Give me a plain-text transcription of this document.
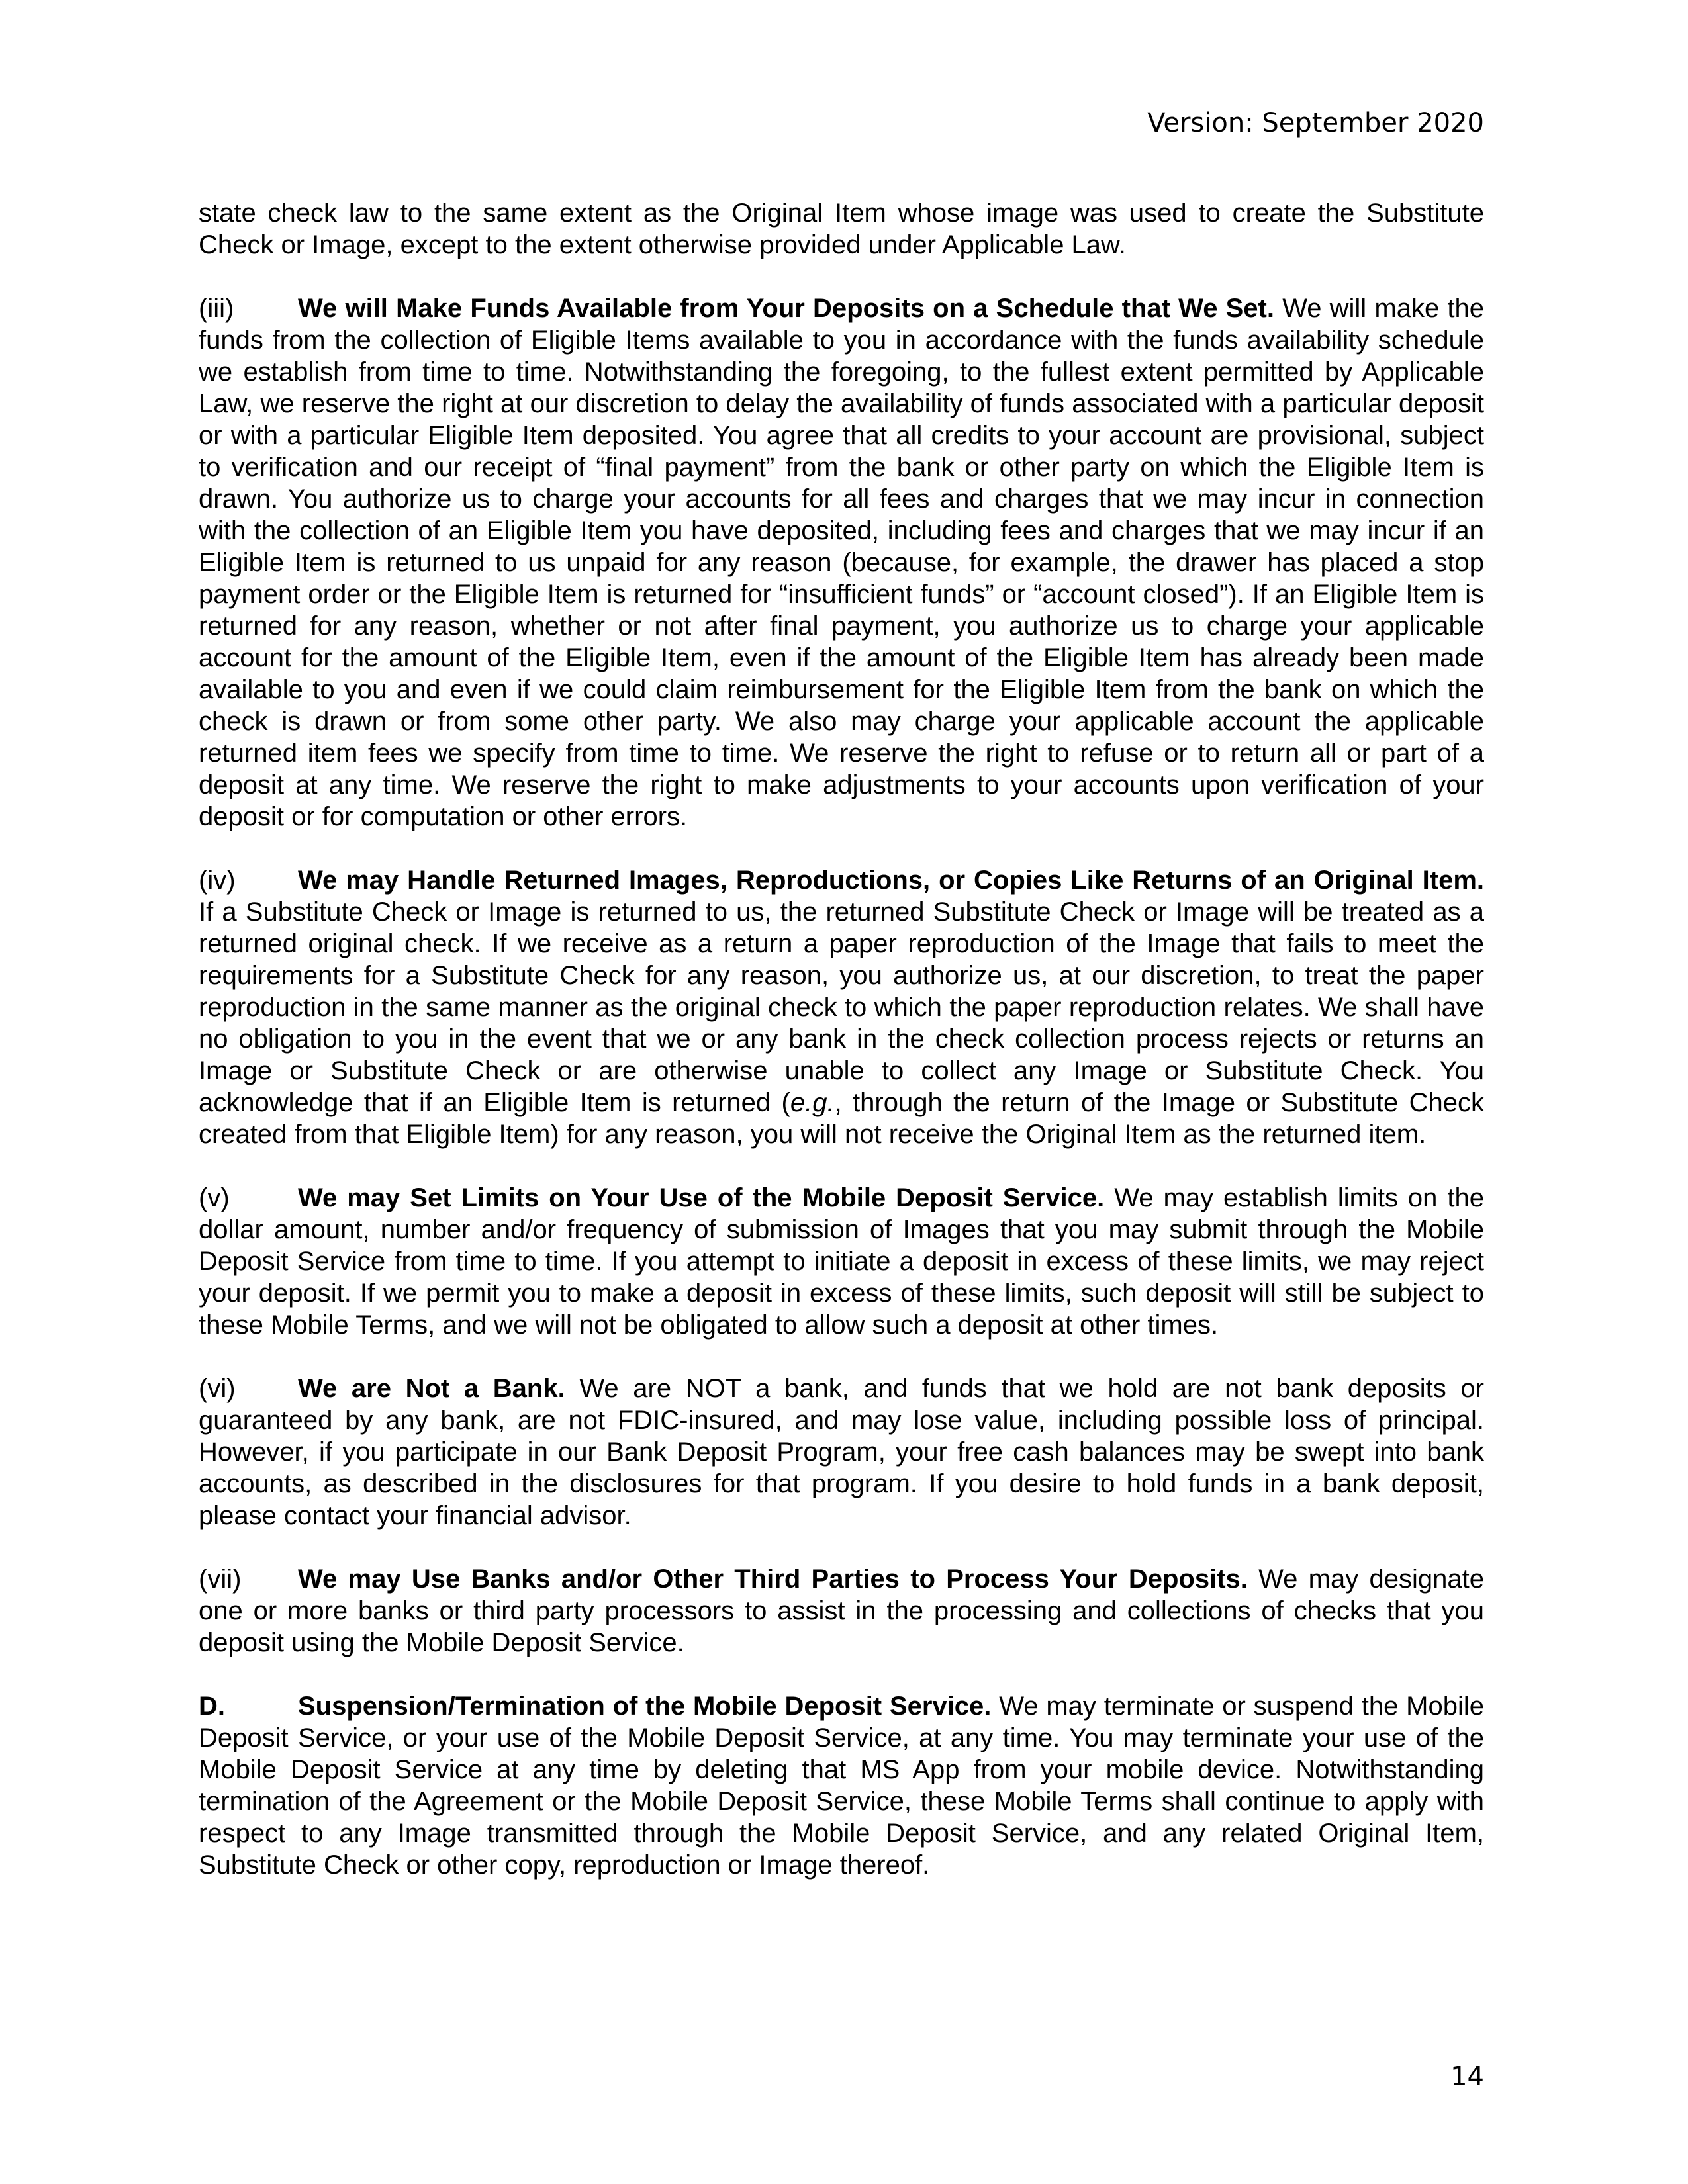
Version: September 2020

state check law to the same extent as the Original Item whose image was used to create the Substitute Check or Image, except to the extent otherwise provided under Applicable Law.

(iii) We will Make Funds Available from Your Deposits on a Schedule that We Set. We will make the funds from the collection of Eligible Items available to you in accordance with the funds availability schedule we establish from time to time. Notwithstanding the foregoing, to the fullest extent permitted by Applicable Law, we reserve the right at our discretion to delay the availability of funds associated with a particular deposit or with a particular Eligible Item deposited. You agree that all credits to your account are provisional, subject to verification and our receipt of “final payment” from the bank or other party on which the Eligible Item is drawn. You authorize us to charge your accounts for all fees and charges that we may incur in connection with the collection of an Eligible Item you have deposited, including fees and charges that we may incur if an Eligible Item is returned to us unpaid for any reason (because, for example, the drawer has placed a stop payment order or the Eligible Item is returned for “insufficient funds” or “account closed”). If an Eligible Item is returned for any reason, whether or not after final payment, you authorize us to charge your applicable account for the amount of the Eligible Item, even if the amount of the Eligible Item has already been made available to you and even if we could claim reimbursement for the Eligible Item from the bank on which the check is drawn or from some other party. We also may charge your applicable account the applicable returned item fees we specify from time to time. We reserve the right to refuse or to return all or part of a deposit at any time. We reserve the right to make adjustments to your accounts upon verification of your deposit or for computation or other errors.

(iv) We may Handle Returned Images, Reproductions, or Copies Like Returns of an Original Item. If a Substitute Check or Image is returned to us, the returned Substitute Check or Image will be treated as a returned original check. If we receive as a return a paper reproduction of the Image that fails to meet the requirements for a Substitute Check for any reason, you authorize us, at our discretion, to treat the paper reproduction in the same manner as the original check to which the paper reproduction relates. We shall have no obligation to you in the event that we or any bank in the check collection process rejects or returns an Image or Substitute Check or are otherwise unable to collect any Image or Substitute Check. You acknowledge that if an Eligible Item is returned (e.g., through the return of the Image or Substitute Check created from that Eligible Item) for any reason, you will not receive the Original Item as the returned item.

(v)	We may Set Limits on Your Use of the Mobile Deposit Service. We may establish limits on the dollar amount, number and/or frequency of submission of Images that you may submit through the Mobile Deposit Service from time to time. If you attempt to initiate a deposit in excess of these limits, we may reject your deposit. If we permit you to make a deposit in excess of these limits, such deposit will still be subject to these Mobile Terms, and we will not be obligated to allow such a deposit at other times.

(vi) We are Not a Bank. We are NOT a bank, and funds that we hold are not bank deposits or guaranteed by any bank, are not FDIC-insured, and may lose value, including possible loss of principal. However, if you participate in our Bank Deposit Program, your free cash balances may be swept into bank accounts, as described in the disclosures for that program. If you desire to hold funds in a bank deposit, please contact your financial advisor.

(vii) We may Use Banks and/or Other Third Parties to Process Your Deposits. We may designate one or more banks or third party processors to assist in the processing and collections of checks that you deposit using the Mobile Deposit Service.

D.	Suspension/Termination of the Mobile Deposit Service. We may terminate or suspend the Mobile Deposit Service, or your use of the Mobile Deposit Service, at any time. You may terminate your use of the Mobile Deposit Service at any time by deleting that MS App from your mobile device. Notwithstanding termination of the Agreement or the Mobile Deposit Service, these Mobile Terms shall continue to apply with respect to any Image transmitted through the Mobile Deposit Service, and any related Original Item, Substitute Check or other copy, reproduction or Image thereof.

14
